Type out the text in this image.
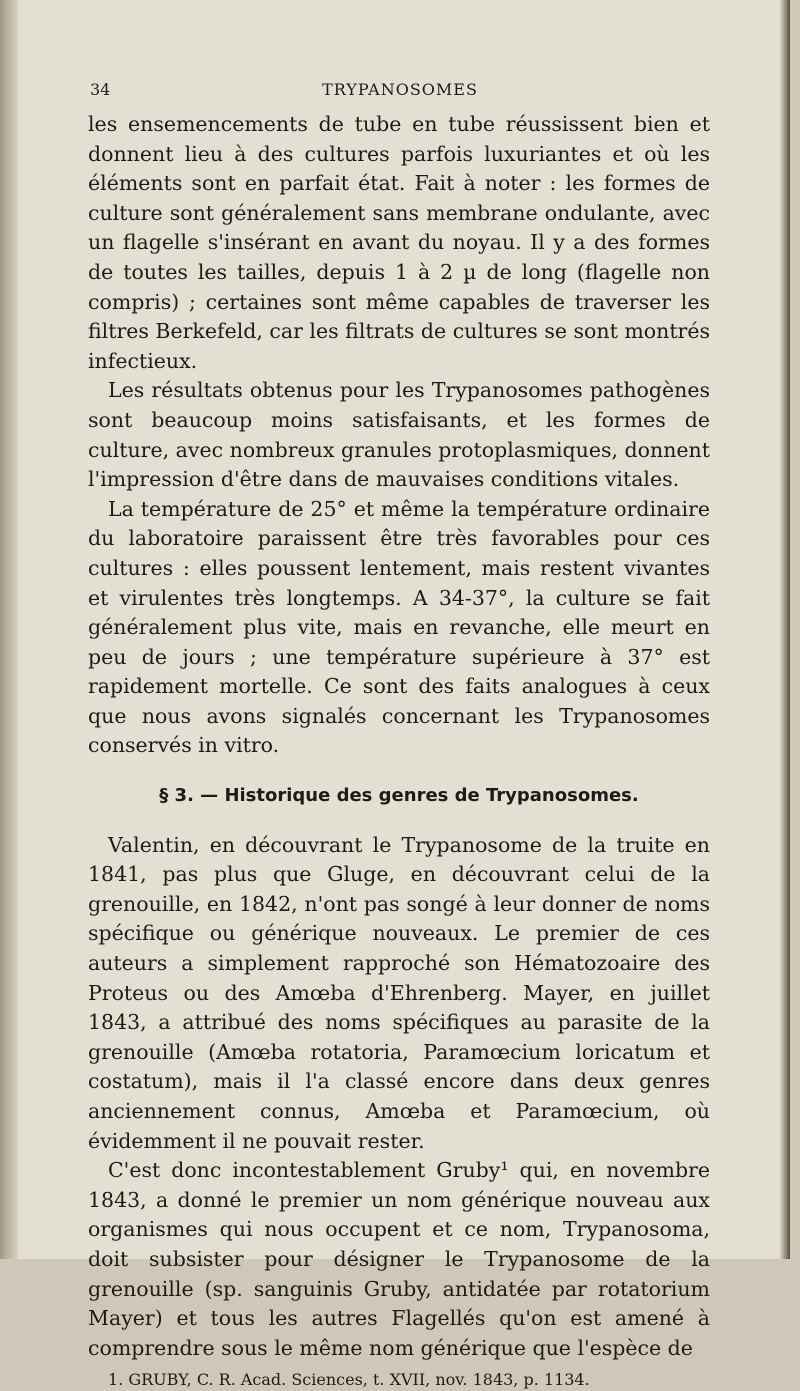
34	TRYPANOSOMES

les ensemencements de tube en tube réussissent bien et donnent lieu à des cultures parfois luxuriantes et où les éléments sont en parfait état. Fait à noter : les formes de culture sont généralement sans membrane ondulante, avec un flagelle s'insérant en avant du noyau. Il y a des formes de toutes les tailles, depuis 1 à 2 µ de long (flagelle non compris) ; certaines sont même capables de traverser les filtres Berkefeld, car les filtrats de cultures se sont montrés infectieux.

Les résultats obtenus pour les Trypanosomes pathogènes sont beaucoup moins satisfaisants, et les formes de culture, avec nombreux granules protoplasmiques, donnent l'impression d'être dans de mauvaises conditions vitales.

La température de 25° et même la température ordinaire du laboratoire paraissent être très favorables pour ces cultures : elles poussent lentement, mais restent vivantes et virulentes très longtemps. A 34-37°, la culture se fait généralement plus vite, mais en revanche, elle meurt en peu de jours ; une température supérieure à 37° est rapidement mortelle. Ce sont des faits analogues à ceux que nous avons signalés concernant les Trypanosomes conservés in vitro.

§ 3. — Historique des genres de Trypanosomes.

Valentin, en découvrant le Trypanosome de la truite en 1841, pas plus que Gluge, en découvrant celui de la grenouille, en 1842, n'ont pas songé à leur donner de noms spécifique ou générique nouveaux. Le premier de ces auteurs a simplement rapproché son Hématozoaire des Proteus ou des Amœba d'Ehrenberg. Mayer, en juillet 1843, a attribué des noms spécifiques au parasite de la grenouille (Amœba rotatoria, Paramœcium loricatum et costatum), mais il l'a classé encore dans deux genres anciennement connus, Amœba et Paramœcium, où évidemment il ne pouvait rester.

C'est donc incontestablement Gruby¹ qui, en novembre 1843, a donné le premier un nom générique nouveau aux organismes qui nous occupent et ce nom, Trypanosoma, doit subsister pour désigner le Trypanosome de la grenouille (sp. sanguinis Gruby, antidatée par rotatorium Mayer) et tous les autres Flagellés qu'on est amené à comprendre sous le même nom générique que l'espèce de

1. GRUBY, C. R. Acad. Sciences, t. XVII, nov. 1843, p. 1134.
